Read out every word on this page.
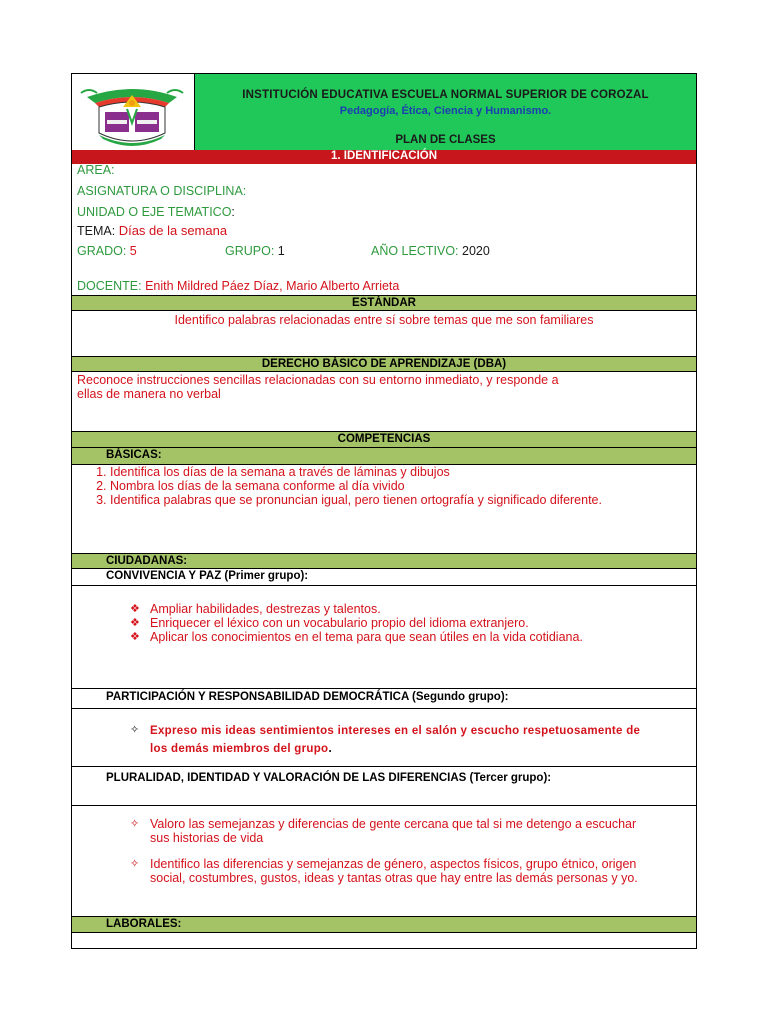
INSTITUCIÓN EDUCATIVA ESCUELA NORMAL SUPERIOR DE COROZAL
Pedagogía, Ética, Ciencia y Humanismo.
PLAN DE CLASES
1. IDENTIFICACIÓN
AREA:
ASIGNATURA O DISCIPLINA:
UNIDAD O EJE TEMATICO:
TEMA: Días de la semana
GRADO: 5	GRUPO: 1	AÑO LECTIVO: 2020
DOCENTE: Enith Mildred Páez Díaz, Mario Alberto Arrieta
ESTÁNDAR
Identifico palabras relacionadas entre sí sobre temas que me son familiares
DERECHO BÁSICO DE APRENDIZAJE (DBA)
Reconoce instrucciones sencillas relacionadas con su entorno inmediato, y responde a
ellas de manera no verbal
COMPETENCIAS
BÁSICAS:
1. Identifica los días de la semana a través de láminas y dibujos
2. Nombra los días de la semana conforme al día vivido
3. Identifica palabras que se pronuncian igual, pero tienen ortografía y significado diferente.
CIUDADANAS:
CONVIVENCIA Y PAZ (Primer grupo):
❖ Ampliar habilidades, destrezas y talentos.
❖ Enriquecer el léxico con un vocabulario propio del idioma extranjero.
❖ Aplicar los conocimientos en el tema para que sean útiles en la vida cotidiana.
PARTICIPACIÓN Y RESPONSABILIDAD DEMOCRÁTICA (Segundo grupo):
✧ Expreso mis ideas sentimientos intereses en el salón y escucho respetuosamente de los demás miembros del grupo.
PLURALIDAD, IDENTIDAD Y VALORACIÓN DE LAS DIFERENCIAS (Tercer grupo):
✧ Valoro las semejanzas y diferencias de gente cercana que tal si me detengo a escuchar sus historias de vida
✧ Identifico las diferencias y semejanzas de género, aspectos físicos, grupo étnico, origen social, costumbres, gustos, ideas y tantas otras que hay entre las demás personas y yo.
LABORALES:
